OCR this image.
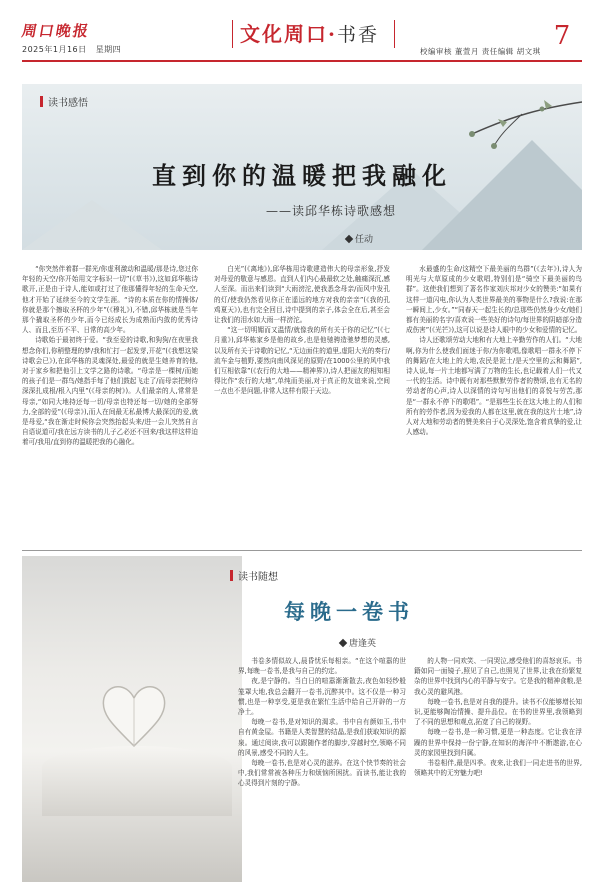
周口晚报
2025年1月16日 星期四
文化周口·书香
校编审核 董萱月 责任编辑 胡文琪
7
读书感悟
直到你的温暖把我融化
——读邱华栋诗歌感想
任动

“你突然伴着群一群光/你虚利激动和温暖/那是诗,您过你年轻的天空/你开始用文字标识一切”(《草书》),这如邱华栋诗歌开,正是由于诗人,能如或打过了他那懂得年轻的生命天空,他才开始了延续至今的文学生涯。“诗的本质在你的情操体/你就是那个擦取圣杯的少年”(《穆礼》),不错,邱华栋就是当年那个撬取圣杯的少年,而今已经成长为成熟而内敛的优秀诗人、而且,至历不平、日常的高少年。

诗歌始于最初终于爱。“我至爱的诗歌,和狗狗/在夜里我想念你们,你稍整理的梦/我和忙打一起发芽,开花”(《我想这梁诗歌会已》),在邱华栋的灵魂深处,最爱的就是生她养育的他,对于家乡和把他引上文学之路的诗歌。“母亲是一棵树/而她的孩子们是一群鸟/她指手每了他们鼓起飞走了/而母亲把树待深深扎成根/根入内里”(《母亲的树》)。人们最亲的人,常常是母亲,“如同大地持还每一切/母亲也特还每一切/她的全部努力,全部的爱”(《母亲》),而人在间最无私最博大最深沉的爱,就是母爱,“我在渐走时候你会突然抬起头来/进一会儿突然自言自语说道可/我在远方读书的儿子乙必还不回来/我这样这样迫着可/我用/直到你的温暖把我的心融化。

白光”(《离地》),邱华栋用诗歌建造伟大的母亲形象,抒发对母爱的敬意与感恩。直到人们内心最最软之处,触痛深沉,感人至深。而出来们读到“大雨滂沱,使我悉念母亲/而风中发孔的灯/使我仍然看见你正在遥远的地方对我的亲亲”(《我的孔鸡夏天》),也有完全回目,诗中提到的亲子,体会全在后,甚至会让我们的泪水如大雨一样滂沱。

“这一切明媚而又温情/就像我的所有关于你的记忆”(《七月重》),邱华栋家乡是他的故乡,也是他驰骋造驰梦想的灵感,以及所有关于诗歌的记忆,“无边面住的道里,虚阳大光的奏行/流车金与植野,要然向南风深见的原野/在1000公里的风中我们互相依靠”(《农行的大地——精神界》),诗人把丽友的相知相得比作“农行的大地”,单纯而美丽,对于真正的友谊来说,空间一点也不是问题,非常人这样有限于天边。

水最盛的生命/这精空下最美丽的鸟群”(《去年》),诗人为明光与大草原成的少女歌唱,特别们是“骑空下最美丽的鸟群”。这使我们想到了著名作家刘庆邦对少女的赞美:“如果有这样一道闪电,你认为人类世界最美的事物是什么?我说:在那一瞬间上,少女。”“同春天一起生长的/总那些仍然身少女/她们都有美丽的名字/喜欢说一些美好的诗句/每世界的阴暗部分造成伤害”(《光芒》),这可以说是诗人眼中的少女和爱情的记忆。

诗人还歌颂劳动大地和有大地上辛勤劳作的人们。“大地啊,你为什么使我们面迷于你/为你歌唱,像歌唱一群永不停下的舞蹈/在大地上的大地,农民是泥土/是天空里的云和舞蹈”,诗人说,每一片土地都写满了万物的生长,也记载着人们一代又一代的生活。诗中既有对那些默默劳作者的赞颂,也有无名的劳动者的心声,诗人以深情的诗句写出他们的喜悦与劳苦,那是“一群永不停下的歌唱”。“是那些生长在这大地上的人们和所有的劳作者,因为爱我的人都在这里,就在我的这片土地”,诗人对大地和劳动者的赞美来自于心灵深处,饱含着真挚的爱,让人感动。

读书随想
每晚一卷书
唐逢英

书卷多情似故人,晨昏忧乐每相亲。“在这个喧嚣的世界,每晚一卷书,是我与自己的约定。

夜,是宁静的。当白日的喧嚣渐渐散去,夜色如轻纱般笼罩大地,我总会翻开一卷书,沉醉其中。这不仅是一种习惯,也是一种享受,更是我在繁忙生活中给自己开辟的一方净土。

每晚一卷书,是对知识的渴求。书中自有颜如玉,书中自有黄金屋。书籍是人类智慧的结晶,是我们获取知识的源泉。通过阅读,我可以跟随作者的脚步,穿越时空,领略不同的风景,感受不同的人生。

每晚一卷书,也是对心灵的滋养。在这个快节奏的社会中,我们常常被各种压力和烦恼所困扰。而读书,能让我的心灵得到片刻的宁静。

的人物一同欢笑、一同哭泣,感受他们的喜怒哀乐。书籍如同一面镜子,照见了自己,也照见了世界,让我在纷繁复杂的世界中找到内心的平静与安宁。它是我的精神食粮,是我心灵的避风港。

每晚一卷书,也是对自我的提升。读书不仅能够增长知识,更能够陶冶情操、提升品位。在书的世界里,我领略到了不同的思想和观点,拓宽了自己的视野。

每晚一卷书,是一种习惯,更是一种态度。它让我在浮躁的世界中保持一份宁静,在知识的海洋中不断遨游,在心灵的家园里找到归属。

书卷相伴,最是四季。夜来,让我们一同走进书的世界,领略其中的无穷魅力吧!
